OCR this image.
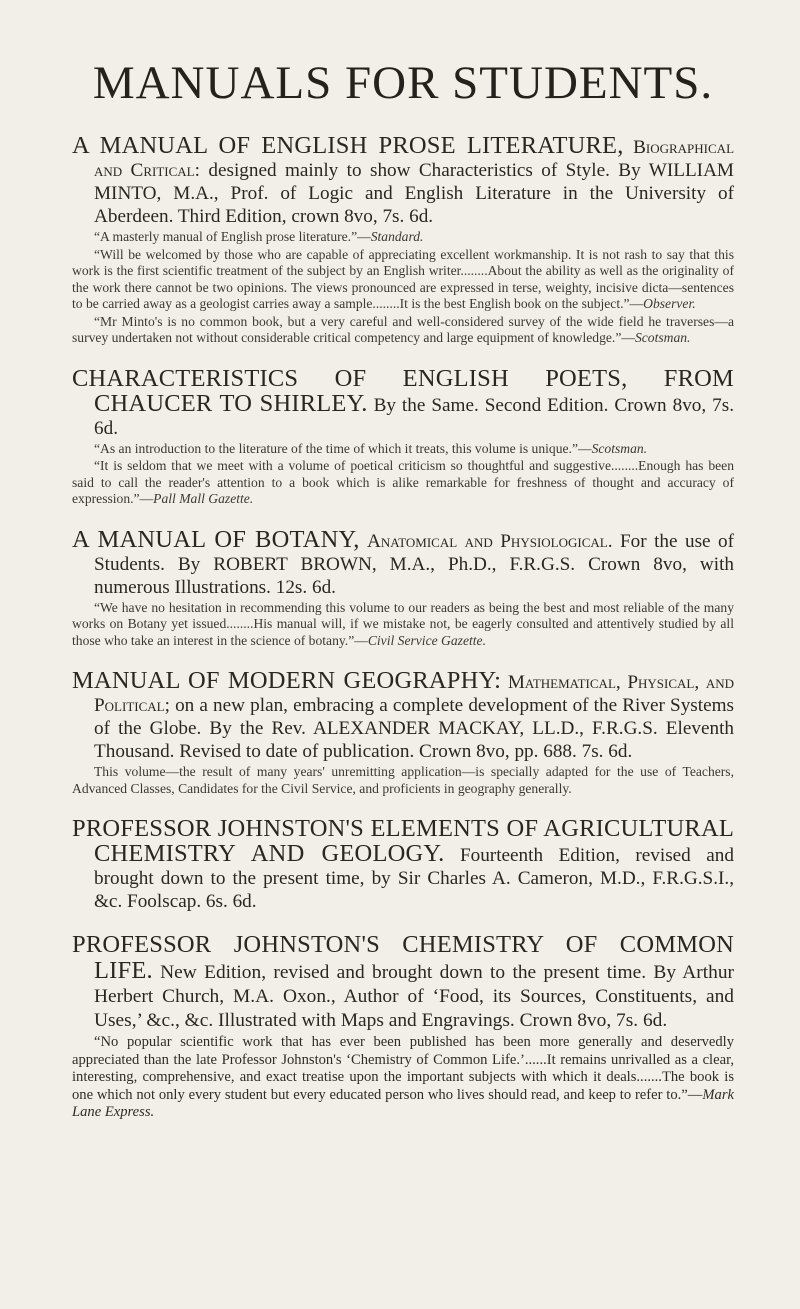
MANUALS FOR STUDENTS.

A MANUAL OF ENGLISH PROSE LITERATURE, Biographical and Critical: designed mainly to show Characteristics of Style. By WILLIAM MINTO, M.A., Prof. of Logic and English Literature in the University of Aberdeen. Third Edition, crown 8vo, 7s. 6d.

“A masterly manual of English prose literature.”—Standard.

“Will be welcomed by those who are capable of appreciating excellent workmanship. It is not rash to say that this work is the first scientific treatment of the subject by an English writer........About the ability as well as the originality of the work there cannot be two opinions. The views pronounced are expressed in terse, weighty, incisive dicta—sentences to be carried away as a geologist carries away a sample........It is the best English book on the subject.”—Observer.

“Mr Minto's is no common book, but a very careful and well-considered survey of the wide field he traverses—a survey undertaken not without considerable critical competency and large equipment of knowledge.”—Scotsman.

CHARACTERISTICS OF ENGLISH POETS, FROM CHAUCER TO SHIRLEY. By the Same. Second Edition. Crown 8vo, 7s. 6d.

“As an introduction to the literature of the time of which it treats, this volume is unique.”—Scotsman.

“It is seldom that we meet with a volume of poetical criticism so thoughtful and suggestive........Enough has been said to call the reader's attention to a book which is alike remarkable for freshness of thought and accuracy of expression.”—Pall Mall Gazette.

A MANUAL OF BOTANY, Anatomical and Physiological. For the use of Students. By ROBERT BROWN, M.A., Ph.D., F.R.G.S. Crown 8vo, with numerous Illustrations. 12s. 6d.

“We have no hesitation in recommending this volume to our readers as being the best and most reliable of the many works on Botany yet issued........His manual will, if we mistake not, be eagerly consulted and attentively studied by all those who take an interest in the science of botany.”—Civil Service Gazette.

MANUAL OF MODERN GEOGRAPHY: Mathematical, Physical, and Political; on a new plan, embracing a complete development of the River Systems of the Globe. By the Rev. ALEXANDER MACKAY, LL.D., F.R.G.S. Eleventh Thousand. Revised to date of publication. Crown 8vo, pp. 688. 7s. 6d.

This volume—the result of many years' unremitting application—is specially adapted for the use of Teachers, Advanced Classes, Candidates for the Civil Service, and proficients in geography generally.

PROFESSOR JOHNSTON'S ELEMENTS OF AGRICULTURAL CHEMISTRY AND GEOLOGY. Fourteenth Edition, revised and brought down to the present time, by Sir Charles A. Cameron, M.D., F.R.G.S.I., &c. Foolscap. 6s. 6d.

PROFESSOR JOHNSTON'S CHEMISTRY OF COMMON LIFE. New Edition, revised and brought down to the present time. By Arthur Herbert Church, M.A. Oxon., Author of ‘Food, its Sources, Constituents, and Uses,’ &c., &c. Illustrated with Maps and Engravings. Crown 8vo, 7s. 6d.

“No popular scientific work that has ever been published has been more generally and deservedly appreciated than the late Professor Johnston's ‘Chemistry of Common Life.’......It remains unrivalled as a clear, interesting, comprehensive, and exact treatise upon the important subjects with which it deals.......The book is one which not only every student but every educated person who lives should read, and keep to refer to.”—Mark Lane Express.
